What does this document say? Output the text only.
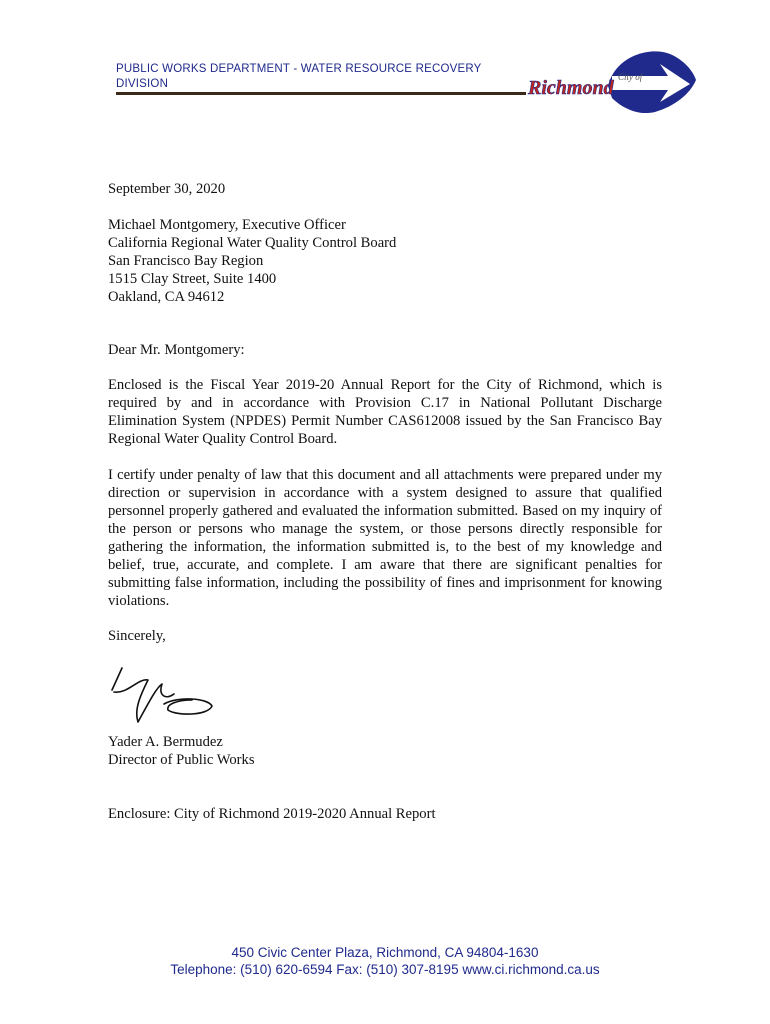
PUBLIC WORKS DEPARTMENT - WATER RESOURCE RECOVERY DIVISION
City of
Richmond
September 30, 2020
Michael Montgomery, Executive Officer
California Regional Water Quality Control Board
San Francisco Bay Region
1515 Clay Street, Suite 1400
Oakland, CA 94612
Dear Mr. Montgomery:

Enclosed is the Fiscal Year 2019-20 Annual Report for the City of Richmond, which is required by and in accordance with Provision C.17 in National Pollutant Discharge Elimination System (NPDES) Permit Number CAS612008 issued by the San Francisco Bay Regional Water Quality Control Board.

I certify under penalty of law that this document and all attachments were prepared under my direction or supervision in accordance with a system designed to assure that qualified personnel properly gathered and evaluated the information submitted. Based on my inquiry of the person or persons who manage the system, or those persons directly responsible for gathering the information, the information submitted is, to the best of my knowledge and belief, true, accurate, and complete. I am aware that there are significant penalties for submitting false information, including the possibility of fines and imprisonment for knowing violations.

Sincerely,
Yader A. Bermudez
Director of Public Works
Enclosure: City of Richmond 2019-2020 Annual Report
450 Civic Center Plaza, Richmond, CA 94804-1630
Telephone: (510) 620-6594 Fax: (510) 307-8195 www.ci.richmond.ca.us
